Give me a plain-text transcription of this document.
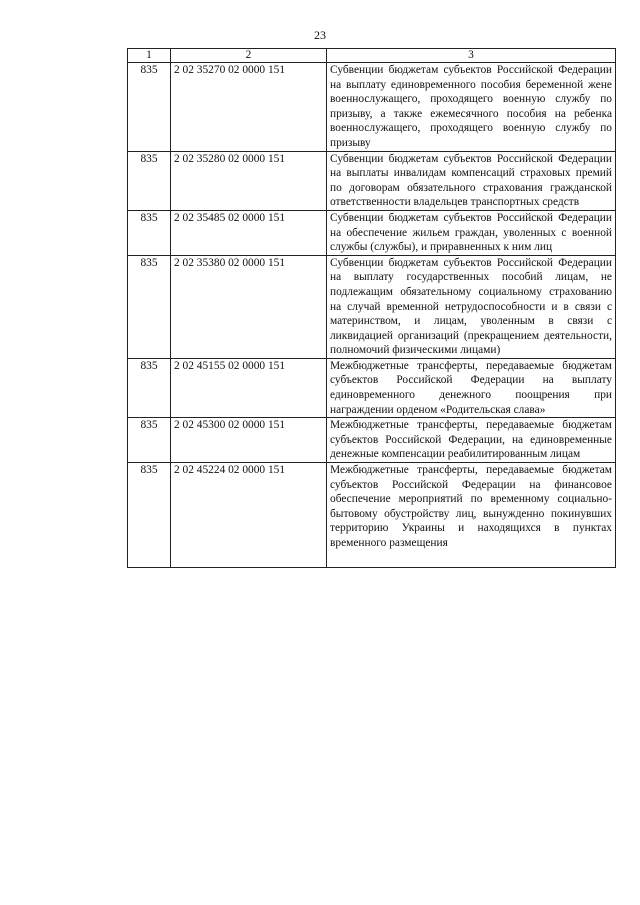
23
1	2	3
835	2 02 35270 02 0000 151	Субвенции бюджетам субъектов Российской Федерации на выплату единовременного пособия беременной жене военнослужащего, проходящего военную службу по призыву, а также ежемесячного пособия на ребенка военнослужащего, проходящего военную службу по призыву
835	2 02 35280 02 0000 151	Субвенции бюджетам субъектов Российской Федерации на выплаты инвалидам компенсаций страховых премий по договорам обязательного страхования гражданской ответственности владельцев транспортных средств
835	2 02 35485 02 0000 151	Субвенции бюджетам субъектов Российской Федерации на обеспечение жильем граждан, уволенных с военной службы (службы), и приравненных к ним лиц
835	2 02 35380 02 0000 151	Субвенции бюджетам субъектов Российской Федерации на выплату государственных пособий лицам, не подлежащим обязательному социальному страхованию на случай временной нетрудоспособности и в связи с материнством, и лицам, уволенным в связи с ликвидацией организаций (прекращением деятельности, полномочий физическими лицами)
835	2 02 45155 02 0000 151	Межбюджетные трансферты, передаваемые бюджетам субъектов Российской Федерации на выплату единовременного денежного поощрения при награждении орденом «Родительская слава»
835	2 02 45300 02 0000 151	Межбюджетные трансферты, передаваемые бюджетам субъектов Российской Федерации, на единовременные денежные компенсации реабилитированным лицам
835	2 02 45224 02 0000 151	Межбюджетные трансферты, передаваемые бюджетам субъектов Российской Федерации на финансовое обеспечение мероприятий по временному социально-бытовому обустройству лиц, вынужденно покинувших территорию Украины и находящихся в пунктах временного размещения
